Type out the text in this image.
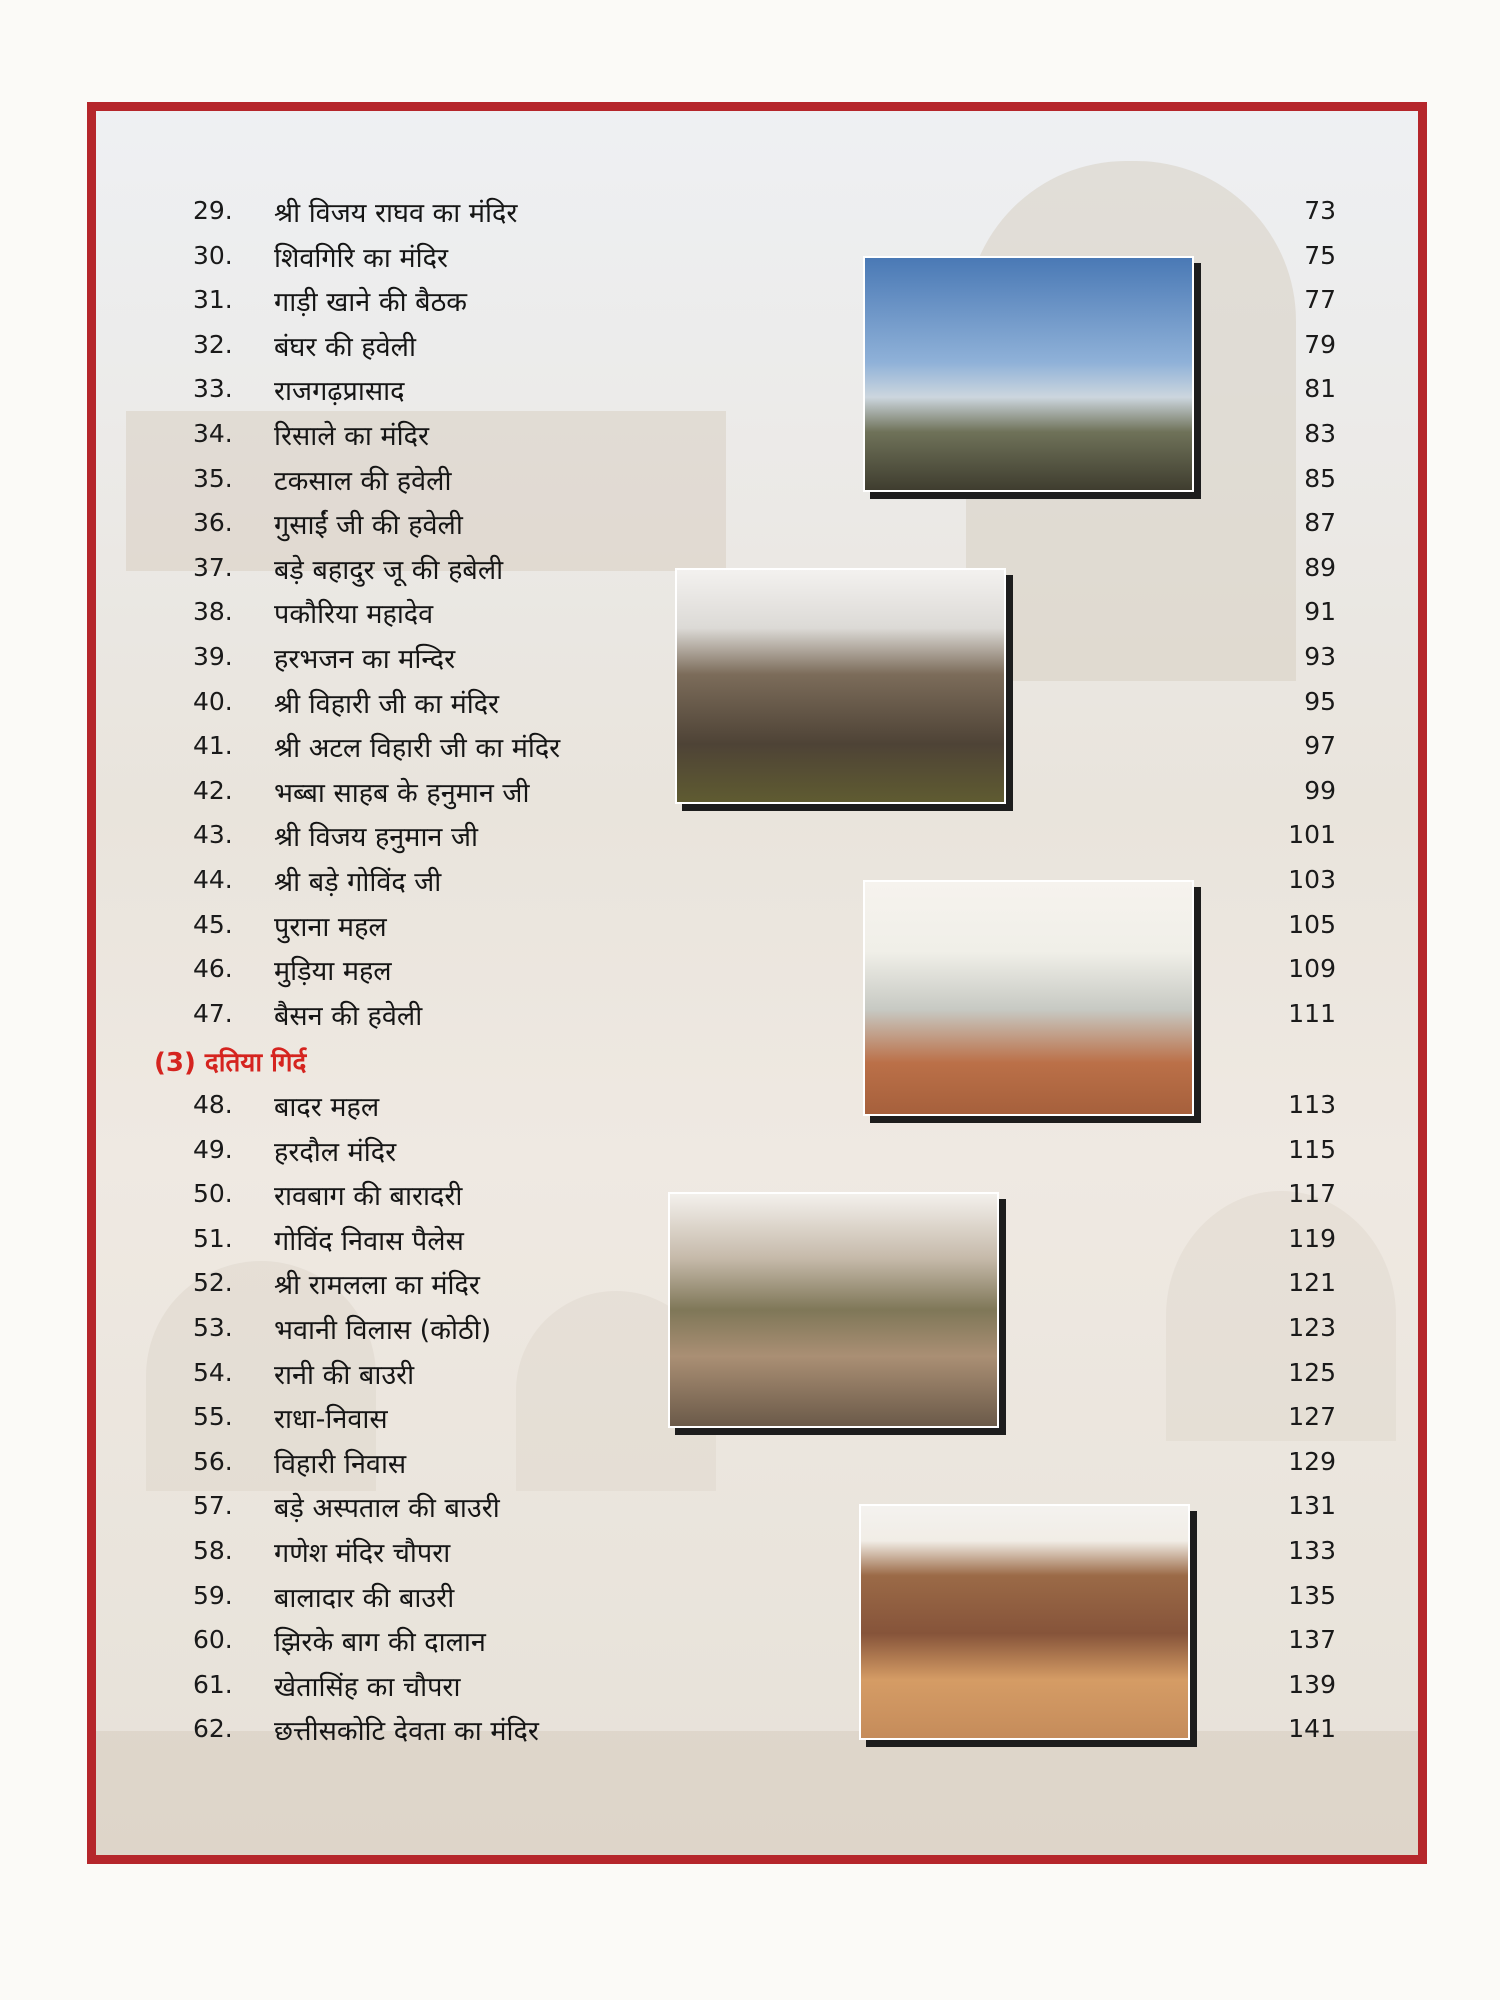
29.	श्री विजय राघव का मंदिर	73
30.	शिवगिरि का मंदिर	75
31.	गाड़ी खाने की बैठक	77
32.	बंघर की हवेली	79
33.	राजगढ़प्रासाद	81
34.	रिसाले का मंदिर	83
35.	टकसाल की हवेली	85
36.	गुसाईं जी की हवेली	87
37.	बड़े बहादुर जू की हबेली	89
38.	पकौरिया महादेव	91
39.	हरभजन का मन्दिर	93
40.	श्री विहारी जी का मंदिर	95
41.	श्री अटल विहारी जी का मंदिर	97
42.	भब्बा साहब के हनुमान जी	99
43.	श्री विजय हनुमान जी	101
44.	श्री बड़े गोविंद जी	103
45.	पुराना महल	105
46.	मुड़िया महल	109
47.	बैसन की हवेली	111
(3) दतिया गिर्द
48.	बादर महल	113
49.	हरदौल मंदिर	115
50.	रावबाग की बारादरी	117
51.	गोविंद निवास पैलेस	119
52.	श्री रामलला का मंदिर	121
53.	भवानी विलास (कोठी)	123
54.	रानी की बाउरी	125
55.	राधा-निवास	127
56.	विहारी निवास	129
57.	बड़े अस्पताल की बाउरी	131
58.	गणेश मंदिर चौपरा	133
59.	बालादार की बाउरी	135
60.	झिरके बाग की दालान	137
61.	खेतासिंह का चौपरा	139
62.	छत्तीसकोटि देवता का मंदिर	141
